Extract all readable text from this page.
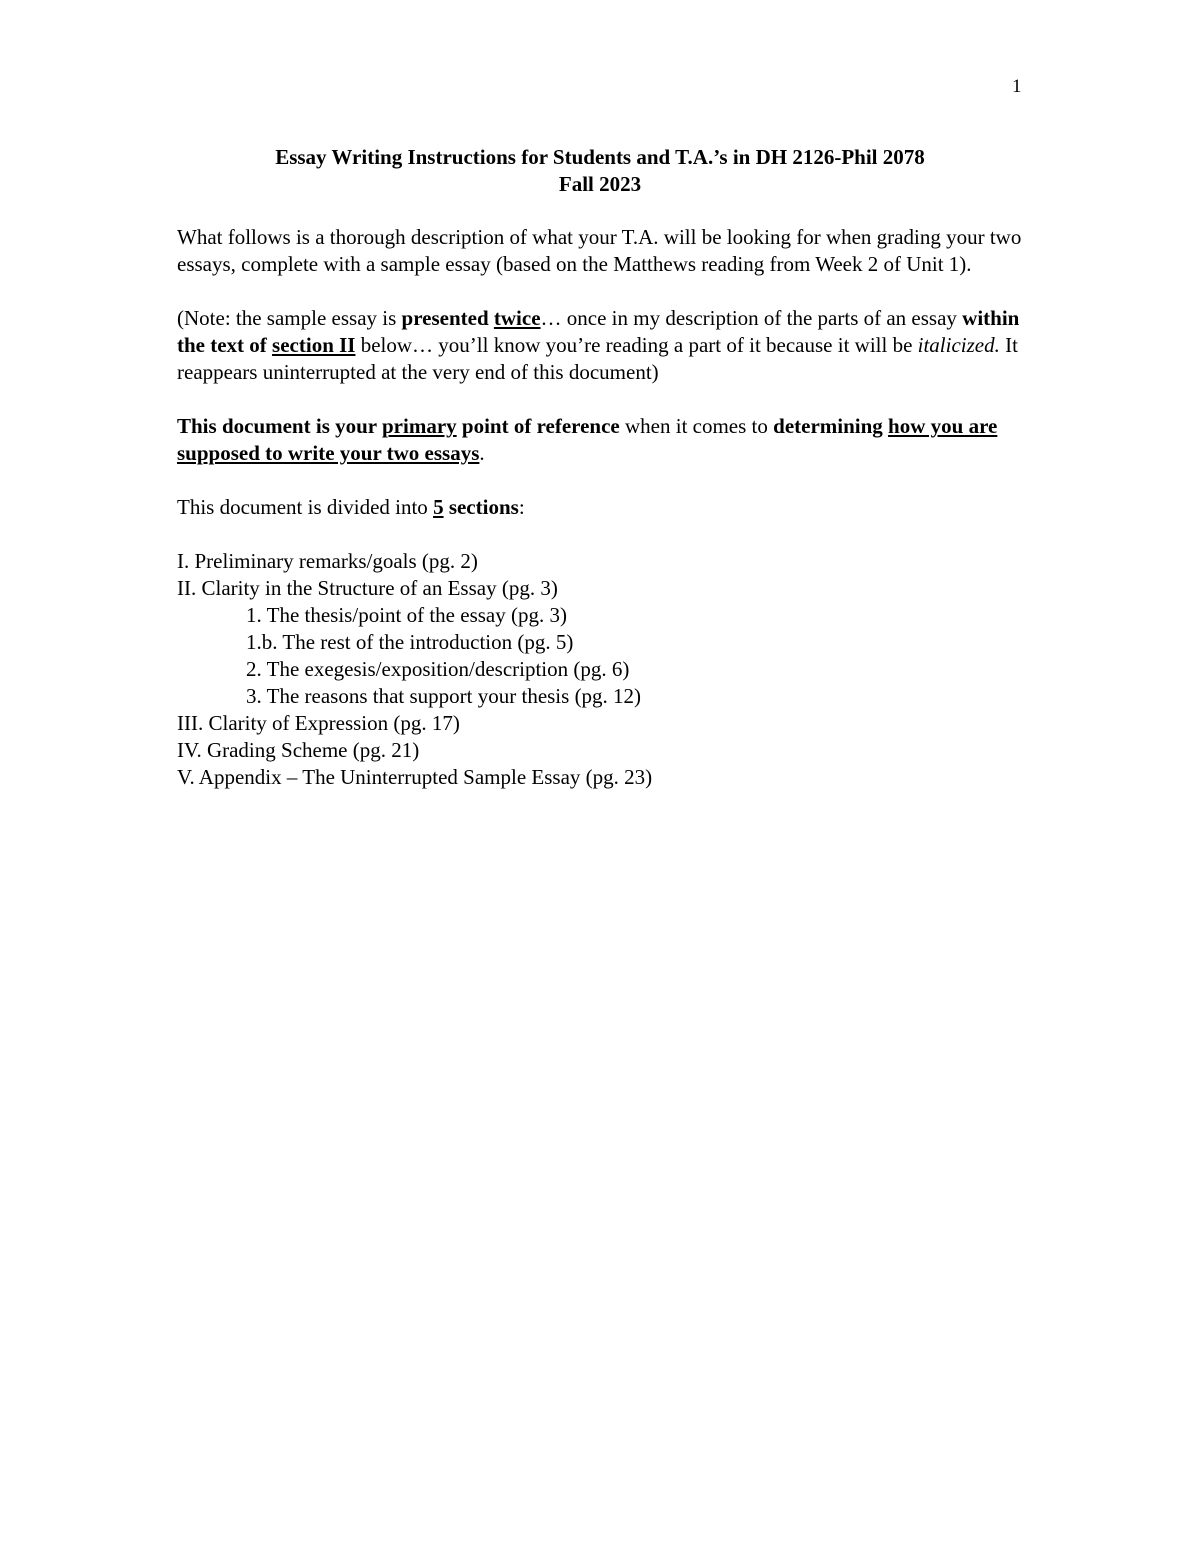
1
Essay Writing Instructions for Students and T.A.’s in DH 2126-Phil 2078
Fall 2023

What follows is a thorough description of what your T.A. will be looking for when grading your two essays, complete with a sample essay (based on the Matthews reading from Week 2 of Unit 1).

(Note: the sample essay is presented twice… once in my description of the parts of an essay within the text of section II below… you’ll know you’re reading a part of it because it will be italicized. It reappears uninterrupted at the very end of this document)

This document is your primary point of reference when it comes to determining how you are supposed to write your two essays.

This document is divided into 5 sections:

I. Preliminary remarks/goals (pg. 2)
II. Clarity in the Structure of an Essay (pg. 3)
1. The thesis/point of the essay (pg. 3)
1.b. The rest of the introduction (pg. 5)
2. The exegesis/exposition/description (pg. 6)
3. The reasons that support your thesis (pg. 12)
III. Clarity of Expression (pg. 17)
IV. Grading Scheme (pg. 21)
V. Appendix – The Uninterrupted Sample Essay (pg. 23)
